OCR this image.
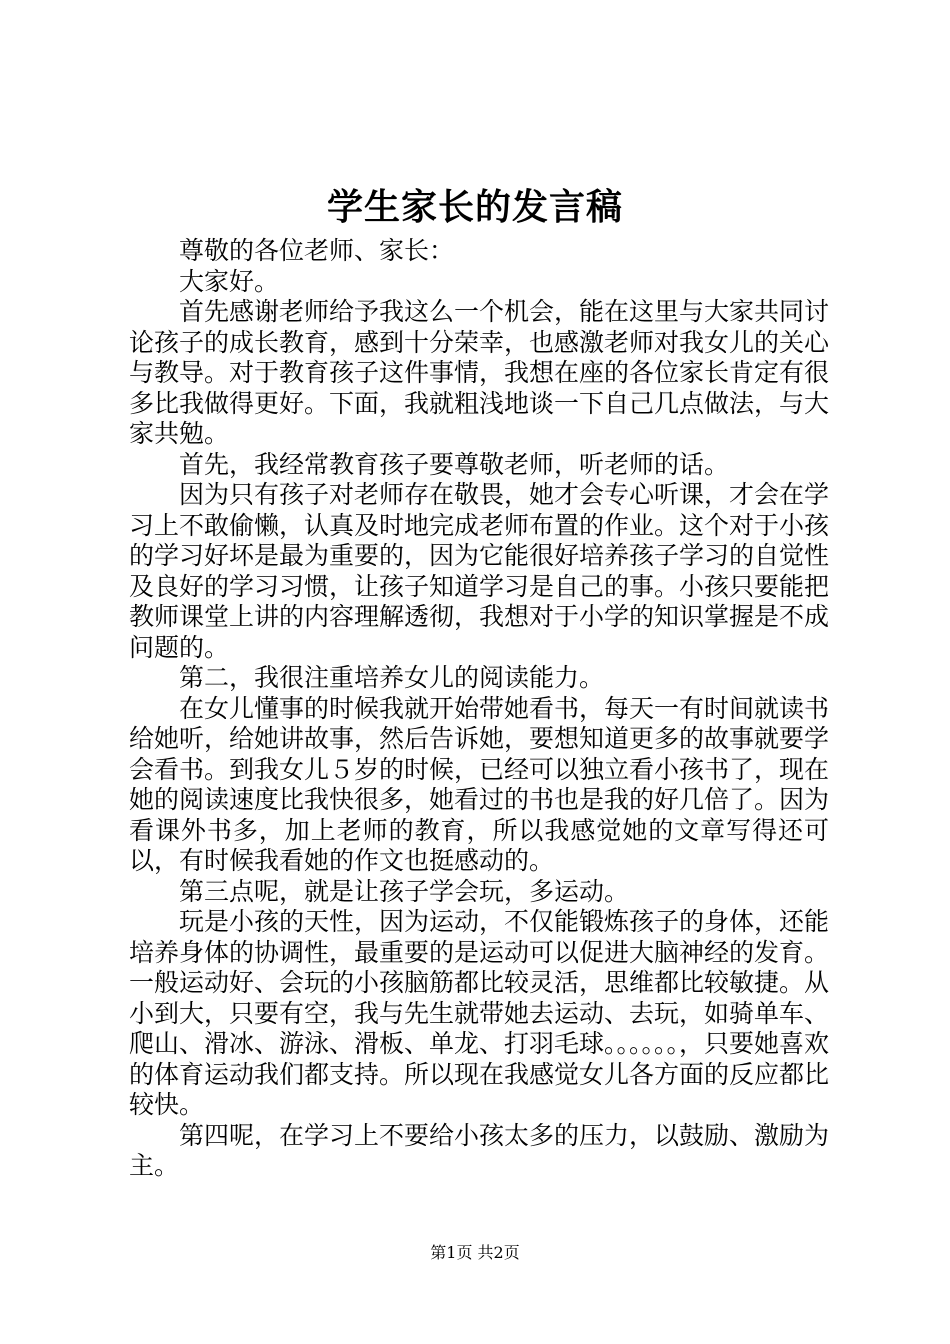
学生家长的发言稿

尊敬的各位老师、家长：

大家好。

首先感谢老师给予我这么一个机会，能在这里与大家共同讨论孩子的成长教育，感到十分荣幸，也感激老师对我女儿的关心与教导。对于教育孩子这件事情，我想在座的各位家长肯定有很多比我做得更好。下面，我就粗浅地谈一下自己几点做法，与大家共勉。

首先，我经常教育孩子要尊敬老师，听老师的话。

因为只有孩子对老师存在敬畏，她才会专心听课，才会在学习上不敢偷懒，认真及时地完成老师布置的作业。这个对于小孩的学习好坏是最为重要的，因为它能很好培养孩子学习的自觉性及良好的学习习惯，让孩子知道学习是自己的事。小孩只要能把教师课堂上讲的内容理解透彻，我想对于小学的知识掌握是不成问题的。

第二，我很注重培养女儿的阅读能力。

在女儿懂事的时候我就开始带她看书，每天一有时间就读书给她听，给她讲故事，然后告诉她，要想知道更多的故事就要学会看书。到我女儿５岁的时候，已经可以独立看小孩书了，现在她的阅读速度比我快很多，她看过的书也是我的好几倍了。因为看课外书多，加上老师的教育，所以我感觉她的文章写得还可以，有时候我看她的作文也挺感动的。

第三点呢，就是让孩子学会玩，多运动。

玩是小孩的天性，因为运动，不仅能锻炼孩子的身体，还能培养身体的协调性，最重要的是运动可以促进大脑神经的发育。一般运动好、会玩的小孩脑筋都比较灵活，思维都比较敏捷。从小到大，只要有空，我与先生就带她去运动、去玩，如骑单车、爬山、滑冰、游泳、滑板、单龙、打羽毛球。。。。。。，只要她喜欢的体育运动我们都支持。所以现在我感觉女儿各方面的反应都比较快。

第四呢，在学习上不要给小孩太多的压力，以鼓励、激励为主。

第1页 共2页
